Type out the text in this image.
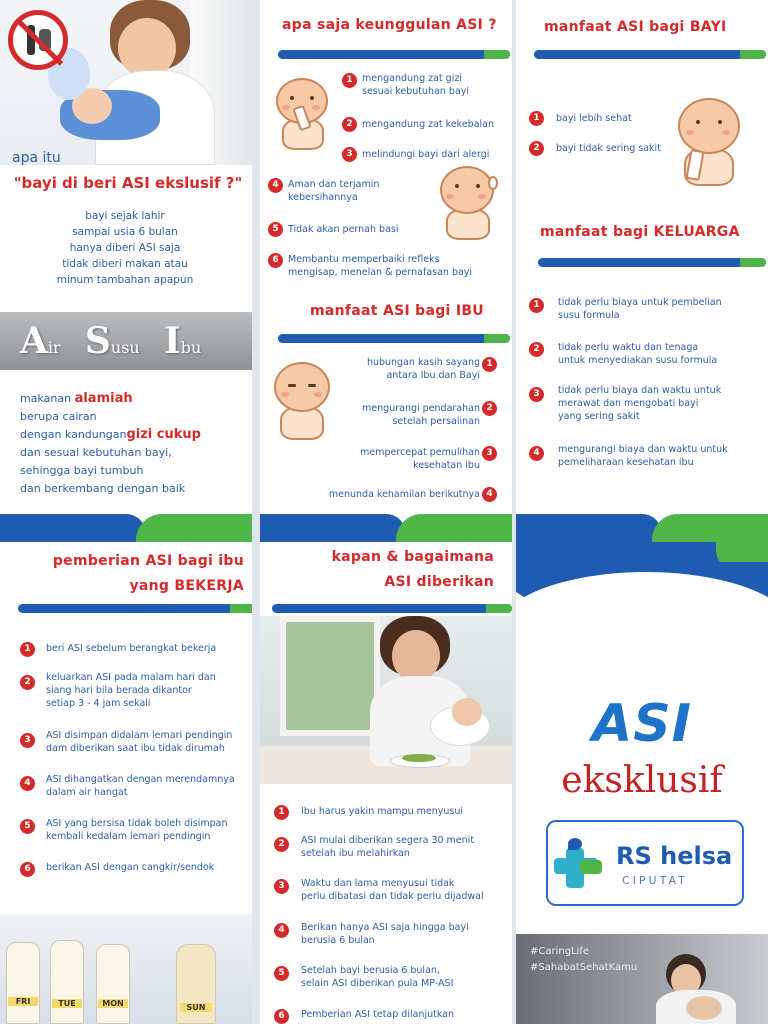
apa itu
"bayi di beri ASI ekslusif ?"
bayi sejak lahir
sampai usia 6 bulan
hanya diberi ASI saja
tidak diberi makan atau
minum tambahan apapun
Air Susu Ibu
makanan alamiah
berupa cairan
dengan kandungangizi cukup
dan sesuai kebutuhan bayi,
sehingga bayi tumbuh
dan berkembang dengan baik
apa saja keunggulan ASI ?
1 mengandung zat gizi
sesuai kebutuhan bayi
2 mengandung zat kekebalan
3 melindungi bayi dari alergi
4 Aman dan terjamin
kebersihannya
5 Tidak akan pernah basi
6 Membantu memperbaiki refleks
mengisap, menelan & pernafasan bayi
manfaat ASI bagi IBU
hubungan kasih sayang
antara Ibu dan Bayi
1
mengurangi pendarahan
setelah persalinan
2
mempercepat pemulihan
kesehatan ibu
3
menunda kehamilan berikutnya 4
manfaat ASI bagi BAYI
1	bayi lebih sehat
2	bayi tidak sering sakit
manfaat bagi KELUARGA
1	tidak perlu biaya untuk pembelian
susu formula
2	tidak perlu waktu dan tenaga
untuk menyediakan susu formula
3	tidak perlu biaya dan waktu untuk
merawat dan mengobati bayi
yang sering sakit
4	mengurangi biaya dan waktu untuk
pemeliharaan kesehatan ibu
pemberian ASI bagi ibu
yang BEKERJA
1	beri ASI sebelum berangkat bekerja
2	keluarkan ASI pada malam hari dan
siang hari bila berada dikantor
setiap 3 - 4 jam sekali
3	ASI disimpan didalam lemari pendingin
dam diberikan saat ibu tidak dirumah
4	ASI dihangatkan dengan merendamnya
dalam air hangat
5	ASI yang bersisa tidak boleh disimpan
kembali kedalam lemari pendingin
6	berikan ASI dengan cangkir/sendok
FRI	TUE	MON	SUN
kapan & bagaimana
ASI diberikan
1	Ibu harus yakin mampu menyusui
2	ASI mulai diberikan segera 30 menit
setelah ibu melahirkan
3	Waktu dan lama menyusui tidak
perlu dibatasi dan tidak perlu dijadwal
4	Berikan hanya ASI saja hingga bayi
berusia 6 bulan
5	Setelah bayi berusia 6 bulan,
selain ASI diberikan pula MP-ASI
6	Pemberian ASI tetap dilanjutkan
ASI
eksklusif
RS helsa
CIPUTAT
#CaringLife
#SahabatSehatKamu
